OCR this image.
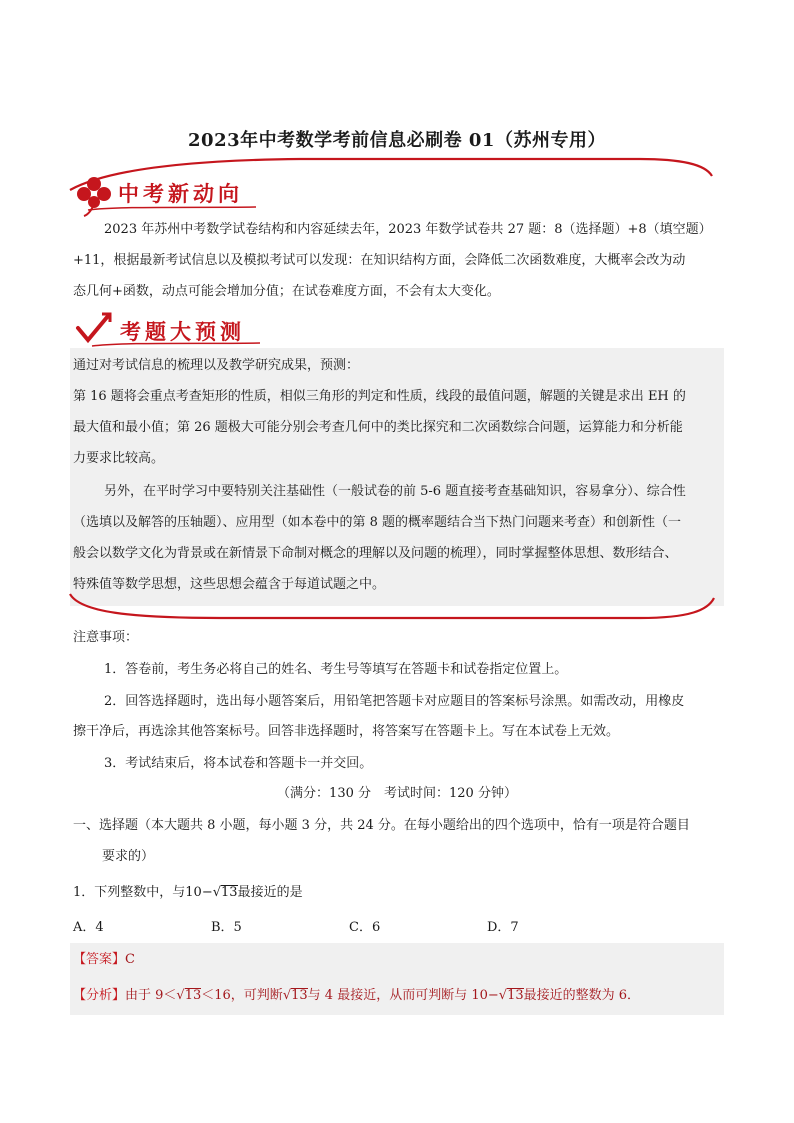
2023年中考数学考前信息必刷卷 01（苏州专用）
中考新动向
2023 年苏州中考数学试卷结构和内容延续去年，2023 年数学试卷共 27 题：8（选择题）+8（填空题）
+11，根据最新考试信息以及模拟考试可以发现：在知识结构方面，会降低二次函数难度，大概率会改为动
态几何+函数，动点可能会增加分值；在试卷难度方面，不会有太大变化。
考题大预测
通过对考试信息的梳理以及教学研究成果，预测：
第 16 题将会重点考查矩形的性质，相似三角形的判定和性质，线段的最值问题，解题的关键是求出 EH 的
最大值和最小值；第 26 题极大可能分别会考查几何中的类比探究和二次函数综合问题，运算能力和分析能
力要求比较高。
另外，在平时学习中要特别关注基础性（一般试卷的前 5-6 题直接考查基础知识，容易拿分）、综合性
（选填以及解答的压轴题）、应用型（如本卷中的第 8 题的概率题结合当下热门问题来考查）和创新性（一
般会以数学文化为背景或在新情景下命制对概念的理解以及问题的梳理），同时掌握整体思想、数形结合、
特殊值等数学思想，这些思想会蕴含于每道试题之中。
注意事项：
1．答卷前，考生务必将自己的姓名、考生号等填写在答题卡和试卷指定位置上。
2．回答选择题时，选出每小题答案后，用铅笔把答题卡对应题目的答案标号涂黑。如需改动，用橡皮
擦干净后，再选涂其他答案标号。回答非选择题时，将答案写在答题卡上。写在本试卷上无效。
3．考试结束后，将本试卷和答题卡一并交回。
（满分：130 分　考试时间：120 分钟）
一、选择题（本大题共 8 小题，每小题 3 分，共 24 分。在每小题给出的四个选项中，恰有一项是符合题目
要求的）
1．下列整数中，与10−√13最接近的是
A．4	B．5	C．6	D．7
【答案】C
【分析】由于 9＜√13＜16，可判断√13与 4 最接近，从而可判断与 10−√13最接近的整数为 6．
